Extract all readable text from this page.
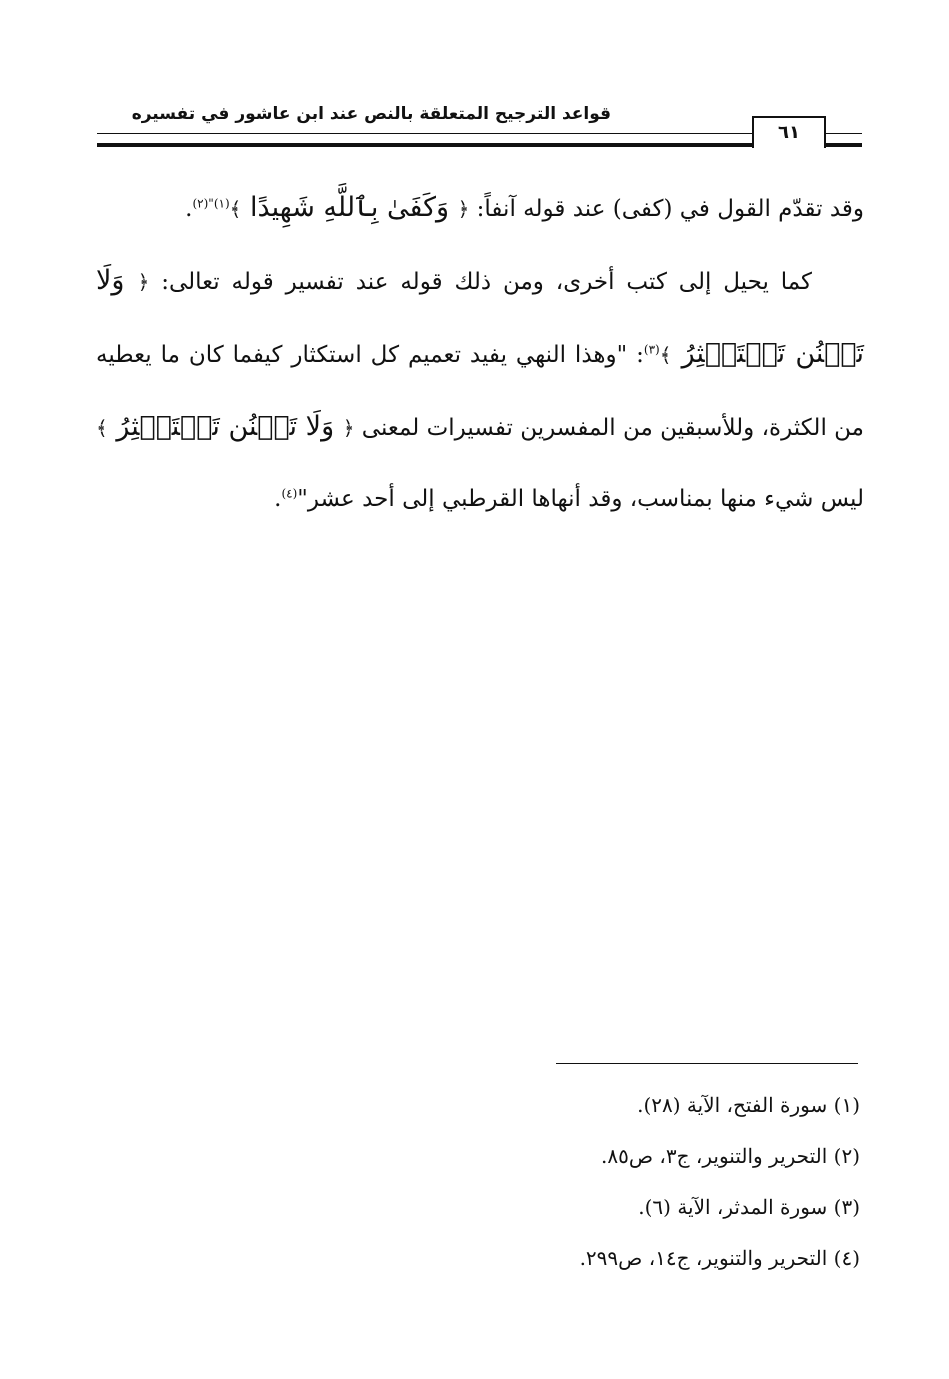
قواعد الترجيح المتعلقة بالنص عند ابن عاشور في تفسيره
٦١

وقد تقدّم القول في (كفى) عند قوله آنفاً: ﴿ وَكَفَىٰ بِٱللَّهِ شَهِيدًا ﴾$^{(١)"(٢)}$.

كما يحيل إلى كتب أخرى، ومن ذلك قوله عند تفسير قوله تعالى: ﴿ وَلَا تَمۡنُن تَسۡتَكۡثِرُ ﴾$^{(٣)}$: "وهذا النهي يفيد تعميم كل استكثار كيفما كان ما يعطيه من الكثرة، وللأسبقين من المفسرين تفسيرات لمعنى ﴿ وَلَا تَمۡنُن تَسۡتَكۡثِرُ ﴾ ليس شيء منها بمناسب، وقد أنهاها القرطبي إلى أحد عشر"$^{(٤)}$.

(١) سورة الفتح، الآية (٢٨).
(٢) التحرير والتنوير، ج٣، ص٨٥.
(٣) سورة المدثر، الآية (٦).
(٤) التحرير والتنوير، ج١٤، ص٢٩٩.
